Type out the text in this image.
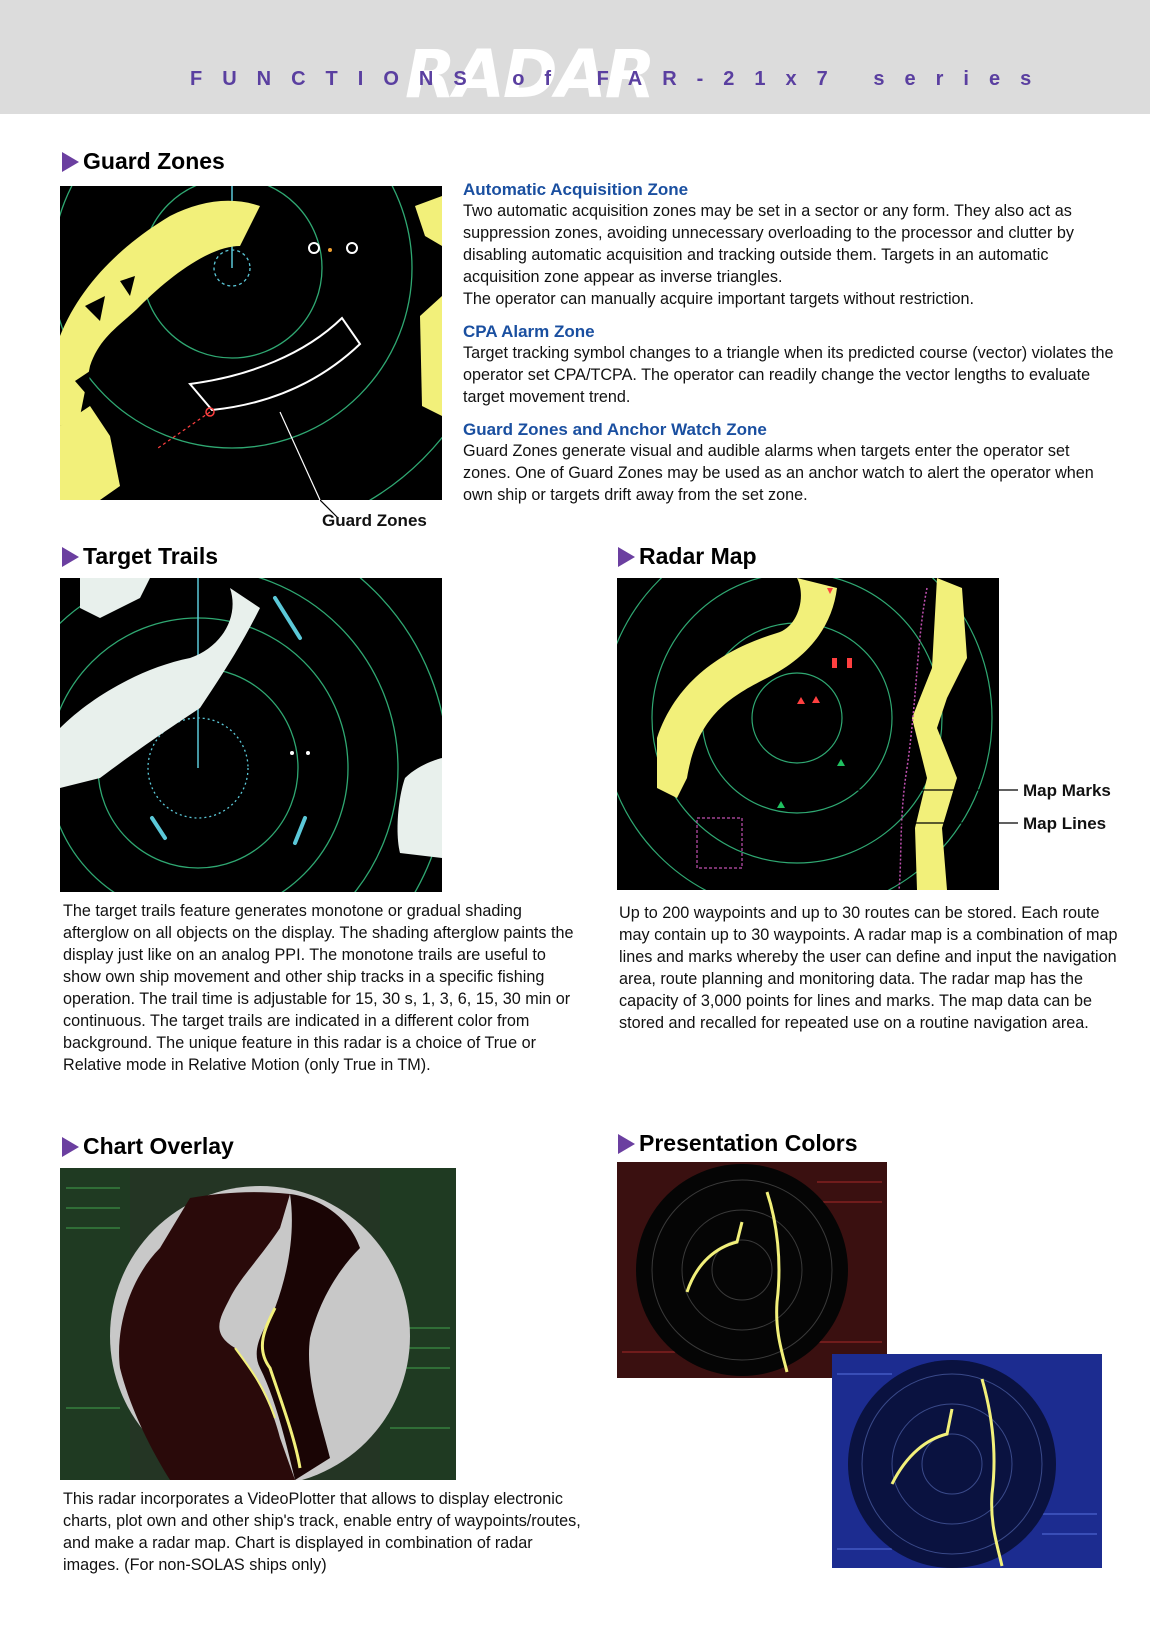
RADAR
FUNCTIONS of FAR-21x7 series
Guard Zones
Guard Zones
Automatic Acquisition Zone
Two automatic acquisition zones may be set in a sector or any form. They also act as suppression zones, avoiding unnecessary overloading to the processor and clutter by disabling automatic acquisition and tracking outside them. Targets in an automatic acquisition zone appear as inverse triangles.
The operator can manually acquire important targets without restriction.
CPA Alarm Zone
Target tracking symbol changes to a triangle when its predicted course (vector) violates the operator set CPA/TCPA. The operator can readily change the vector lengths to evaluate target movement trend.
Guard Zones and Anchor Watch Zone
Guard Zones generate visual and audible alarms when targets enter the operator set zones. One of Guard Zones may be used as an anchor watch to alert the operator when own ship or targets drift away from the set zone.
Target Trails
The target trails feature generates monotone or gradual shading afterglow on all objects on the display. The shading afterglow paints the display just like on an analog PPI. The monotone trails are useful to show own ship movement and other ship tracks in a specific fishing operation. The trail time is adjustable for 15, 30 s, 1, 3, 6, 15, 30 min or continuous. The target trails are indicated in a different color from background. The unique feature in this radar is a choice of True or Relative mode in Relative Motion (only True in TM).
Radar Map
Map Marks
Map Lines
Up to 200 waypoints and up to 30 routes can be stored. Each route may contain up to 30 waypoints. A radar map is a combination of map lines and marks whereby the user can define and input the navigation area, route planning and monitoring data. The radar map has the capacity of 3,000 points for lines and marks. The map data can be stored and recalled for repeated use on a routine navigation area.
Chart Overlay
This radar incorporates a VideoPlotter that allows to display electronic charts, plot own and other ship's track, enable entry of waypoints/routes, and make a radar map. Chart is displayed in combination of radar images. (For non-SOLAS ships only)
Presentation Colors
